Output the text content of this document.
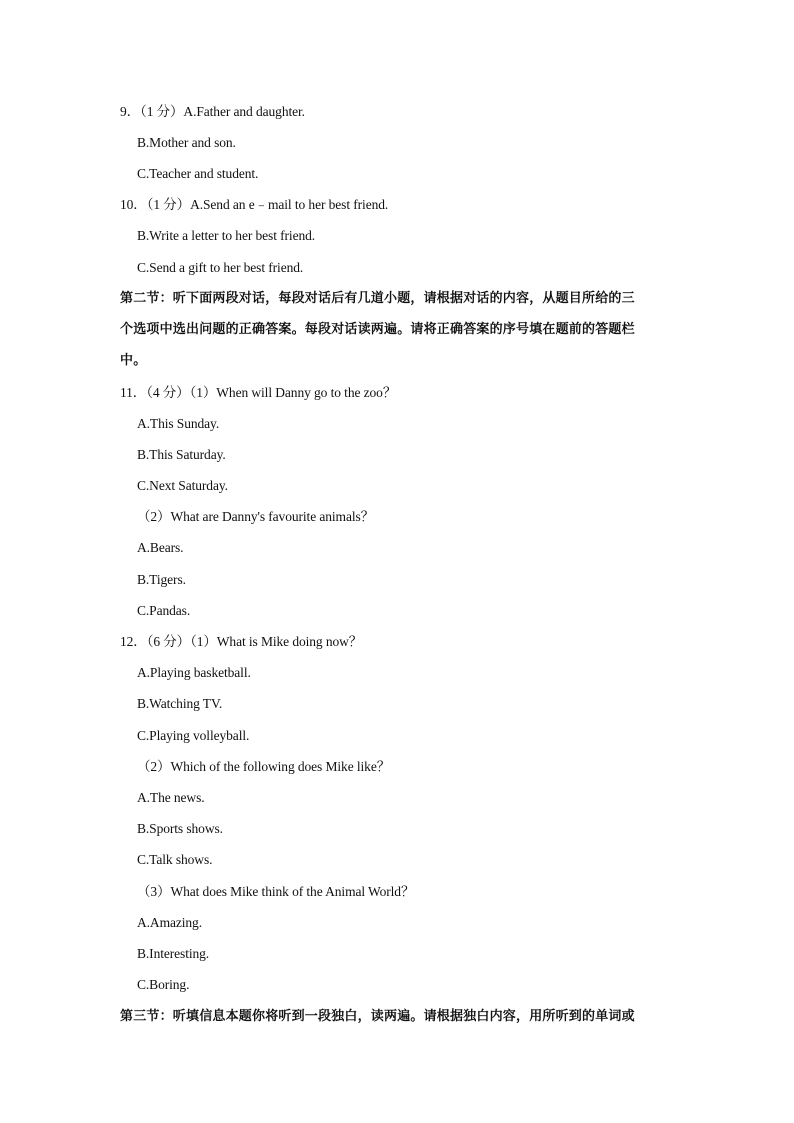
9．（1 分）A.Father and daughter.
B.Mother and son.
C.Teacher and student.
10．（1 分）A.Send an e﹣mail to her best friend.
B.Write a letter to her best friend.
C.Send a gift to her best friend.
第二节：听下面两段对话，每段对话后有几道小题，请根据对话的内容，从题目所给的三
个选项中选出问题的正确答案。每段对话读两遍。请将正确答案的序号填在题前的答题栏
中。
11．（4 分）（1）When will Danny go to the zoo？
A.This Sunday.
B.This Saturday.
C.Next Saturday.
（2）What are Danny's favourite animals？
A.Bears.
B.Tigers.
C.Pandas.
12．（6 分）（1）What is Mike doing now？
A.Playing basketball.
B.Watching TV.
C.Playing volleyball.
（2）Which of the following does Mike like？
A.The news.
B.Sports shows.
C.Talk shows.
（3）What does Mike think of the Animal World？
A.Amazing.
B.Interesting.
C.Boring.
第三节：听填信息本题你将听到一段独白，读两遍。请根据独白内容，用所听到的单词或
